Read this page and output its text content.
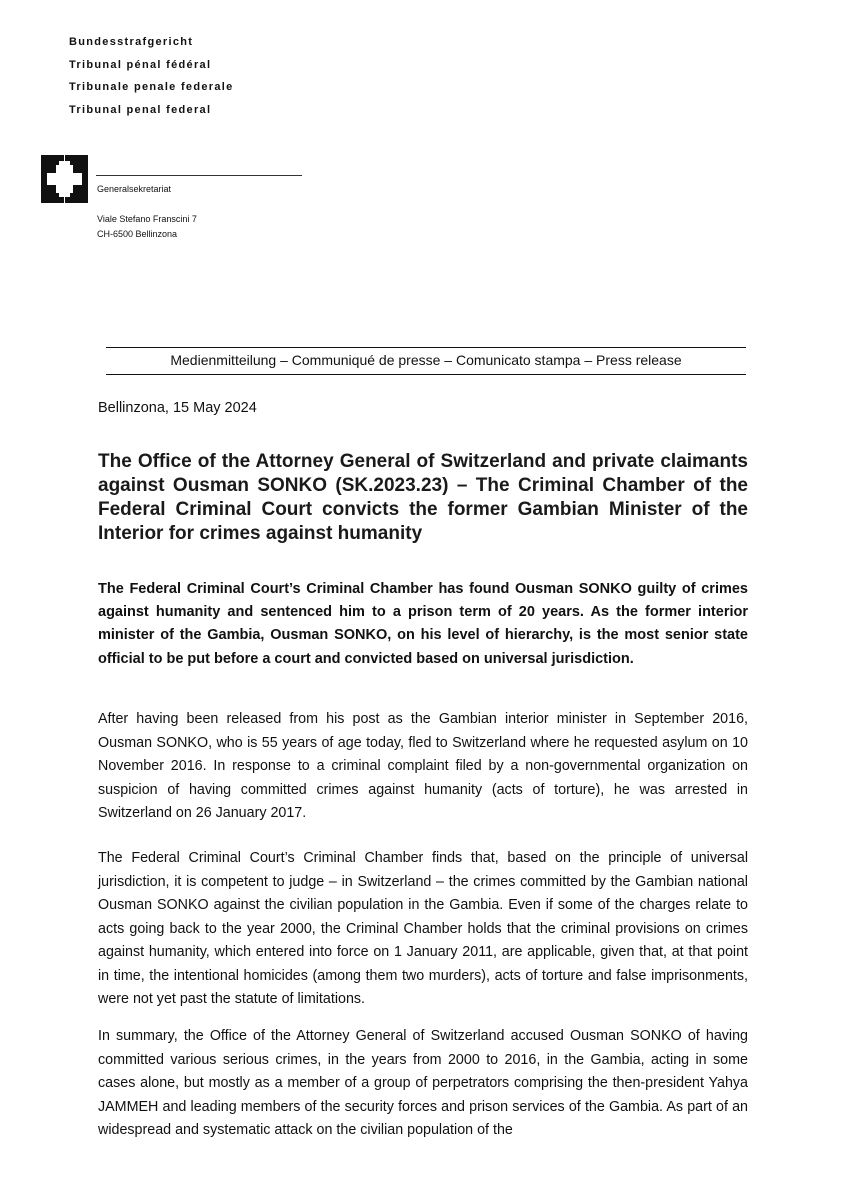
Bundesstrafgericht
Tribunal pénal fédéral
Tribunale penale federale
Tribunal penal federal
Generalsekretariat
Viale Stefano Franscini 7
CH-6500 Bellinzona
Medienmitteilung – Communiqué de presse – Comunicato stampa – Press release
Bellinzona, 15 May 2024
The Office of the Attorney General of Switzerland and private claimants against Ousman SONKO (SK.2023.23) – The Criminal Chamber of the Federal Criminal Court convicts the former Gambian Minister of the Interior for crimes against humanity
The Federal Criminal Court’s Criminal Chamber has found Ousman SONKO guilty of crimes against humanity and sentenced him to a prison term of 20 years. As the former interior minister of the Gambia, Ousman SONKO, on his level of hierarchy, is the most senior state official to be put before a court and convicted based on universal jurisdiction.
After having been released from his post as the Gambian interior minister in September 2016, Ousman SONKO, who is 55 years of age today, fled to Switzerland where he requested asylum on 10 November 2016. In response to a criminal complaint filed by a non-governmental organization on suspicion of having committed crimes against humanity (acts of torture), he was arrested in Switzerland on 26 January 2017.
The Federal Criminal Court’s Criminal Chamber finds that, based on the principle of universal jurisdiction, it is competent to judge – in Switzerland – the crimes committed by the Gambian national Ousman SONKO against the civilian population in the Gambia. Even if some of the charges relate to acts going back to the year 2000, the Criminal Chamber holds that the criminal provisions on crimes against humanity, which entered into force on 1 January 2011, are applicable, given that, at that point in time, the intentional homicides (among them two murders), acts of torture and false imprisonments, were not yet past the statute of limitations.
In summary, the Office of the Attorney General of Switzerland accused Ousman SONKO of having committed various serious crimes, in the years from 2000 to 2016, in the Gambia, acting in some cases alone, but mostly as a member of a group of perpetrators comprising the then-president Yahya JAMMEH and leading members of the security forces and prison services of the Gambia. As part of an widespread and systematic attack on the civilian population of the
